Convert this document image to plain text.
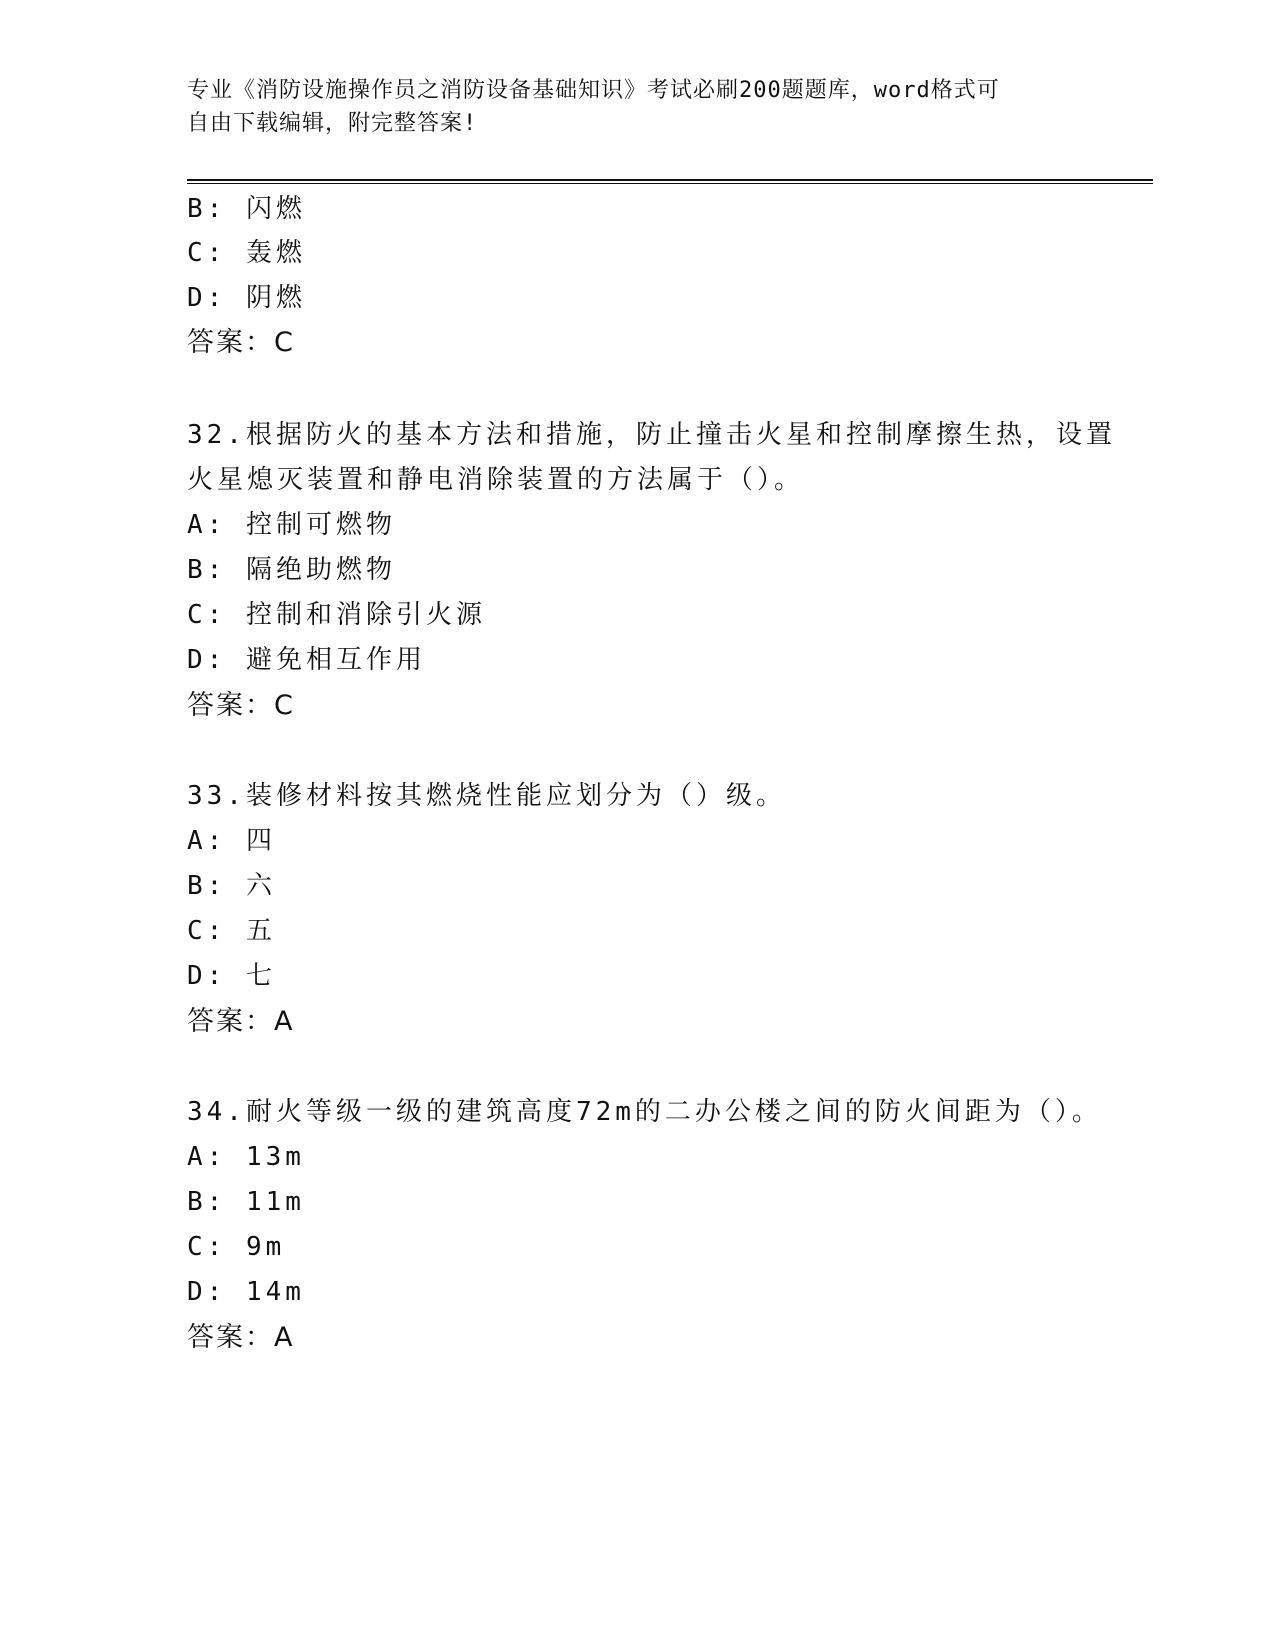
专业《消防设施操作员之消防设备基础知识》考试必刷200题题库，word格式可
自由下载编辑，附完整答案!
B: 闪燃
C: 轰燃
D: 阴燃
答案：C
32.根据防火的基本方法和措施，防止撞击火星和控制摩擦生热，设置
火星熄灭装置和静电消除装置的方法属于（）。
A: 控制可燃物
B: 隔绝助燃物
C: 控制和消除引火源
D: 避免相互作用
答案：C
33.装修材料按其燃烧性能应划分为（）级。
A: 四
B: 六
C: 五
D: 七
答案：A
34.耐火等级一级的建筑高度72m的二办公楼之间的防火间距为（）。
A: 13m
B: 11m
C: 9m
D: 14m
答案：A
